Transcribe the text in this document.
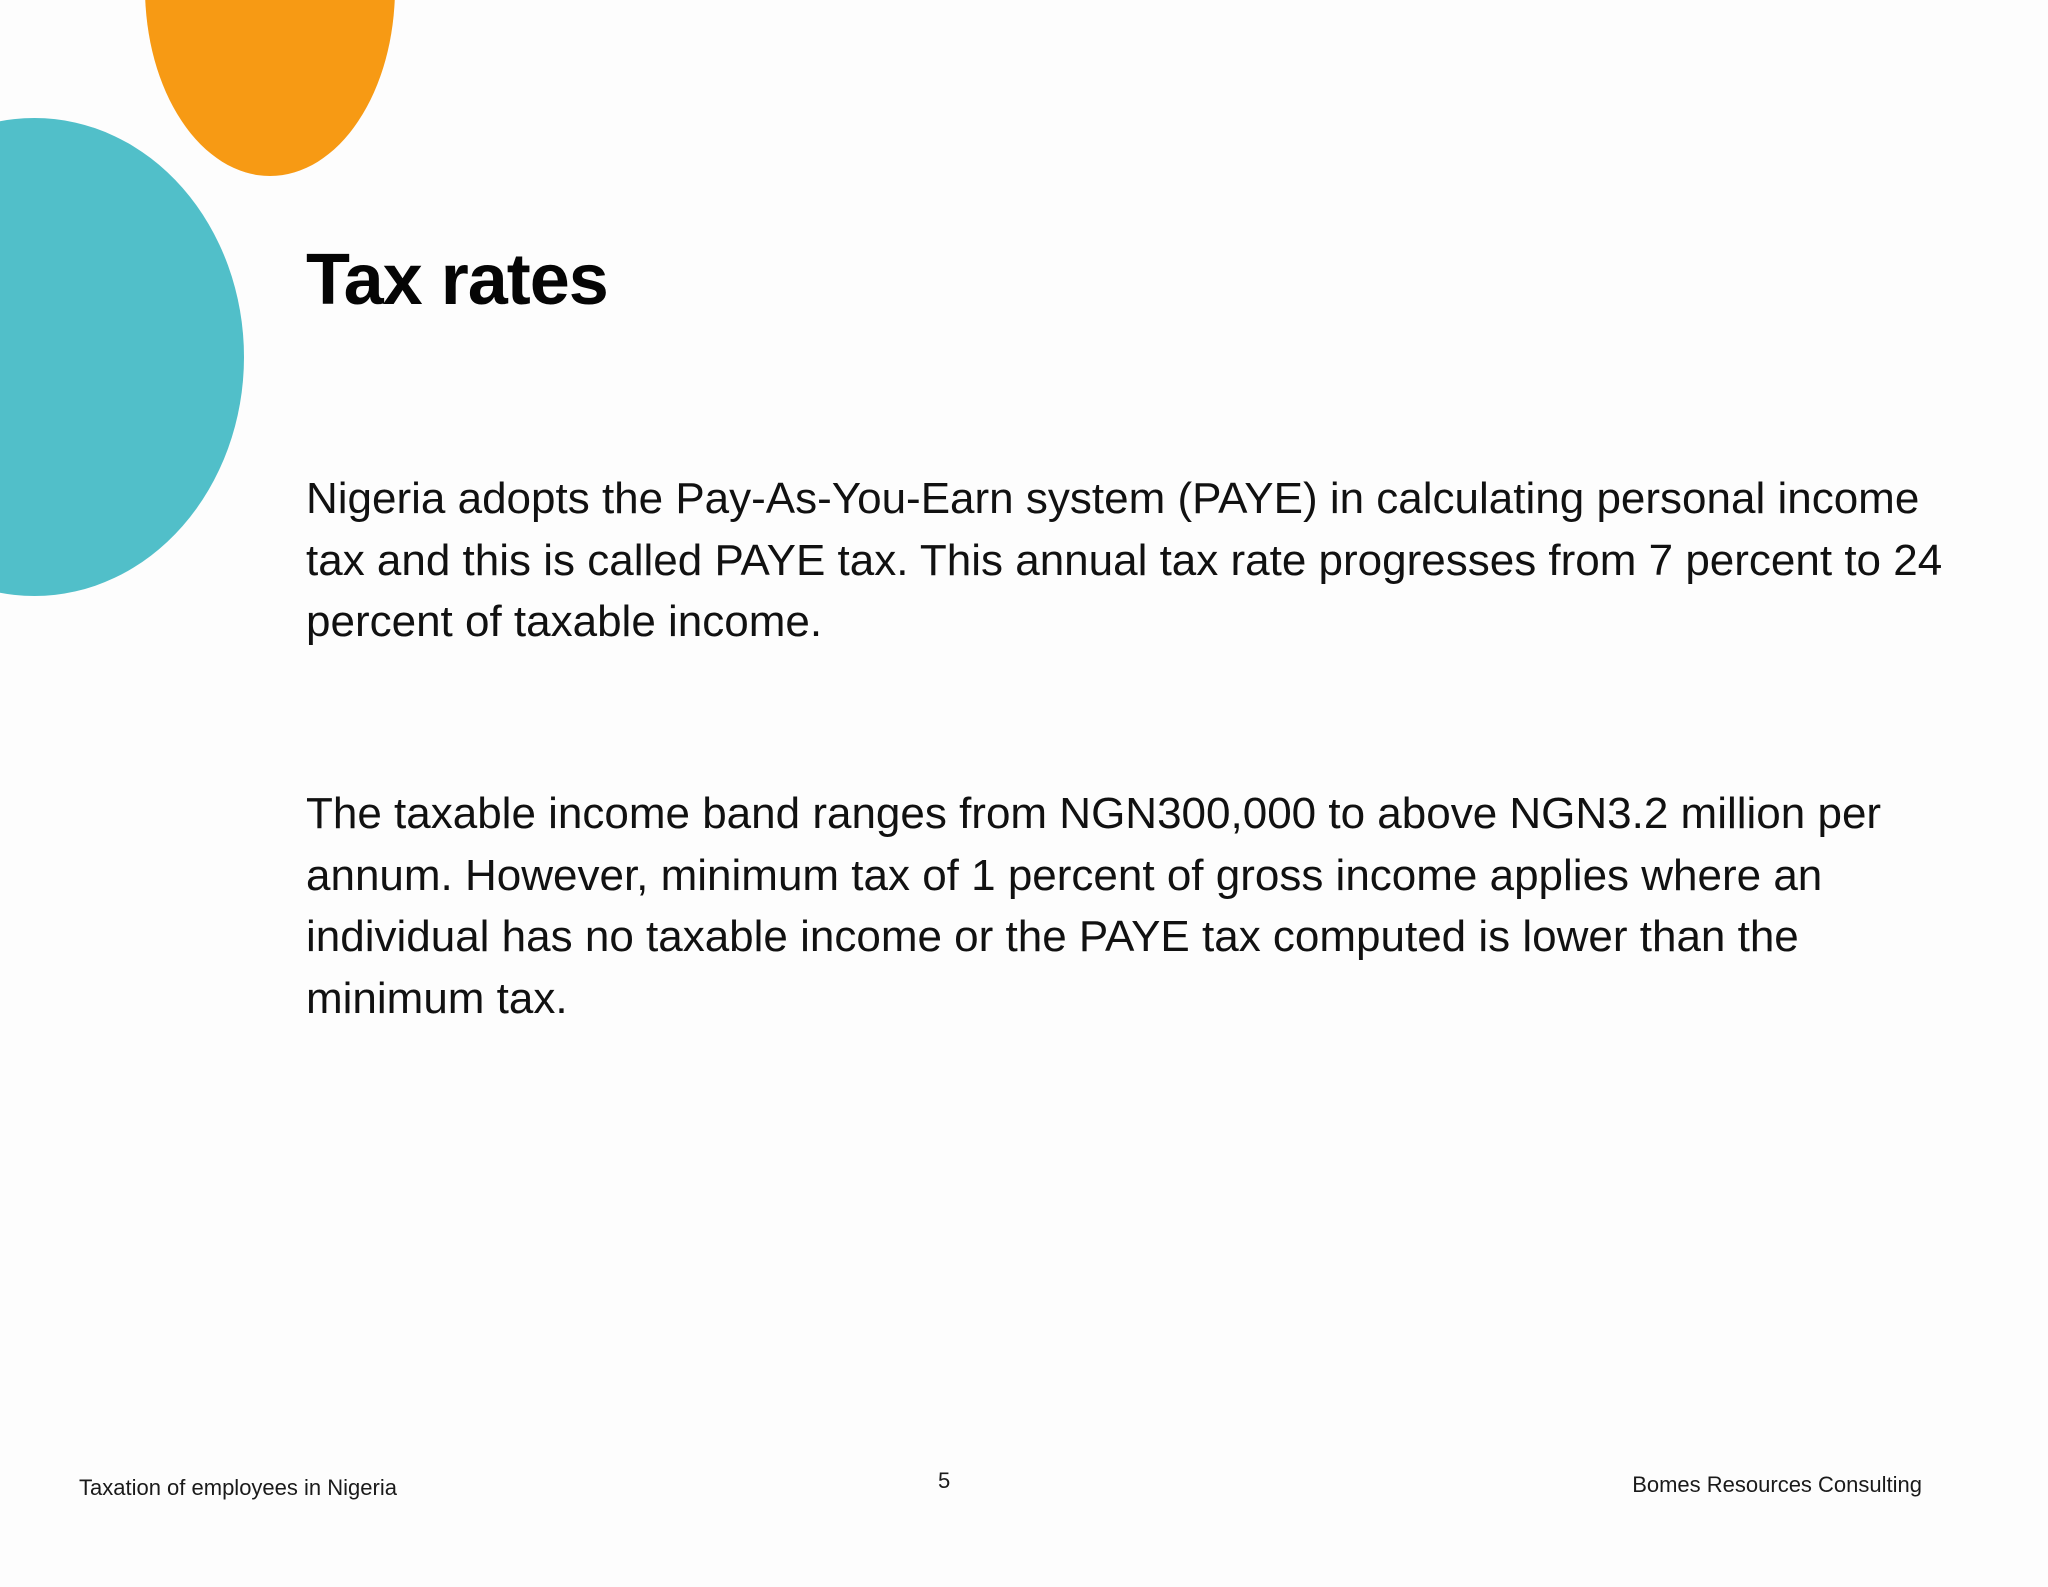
Tax rates

Nigeria adopts the Pay-As-You-Earn system (PAYE) in calculating personal income tax and this is called PAYE tax. This annual tax rate progresses from 7 percent to 24 percent of taxable income.

The taxable income band ranges from NGN300,000 to above NGN3.2 million per annum. However, minimum tax of 1 percent of gross income applies where an individual has no taxable income or the PAYE tax computed is lower than the minimum tax.

Taxation of employees in Nigeria	5	Bomes Resources Consulting
